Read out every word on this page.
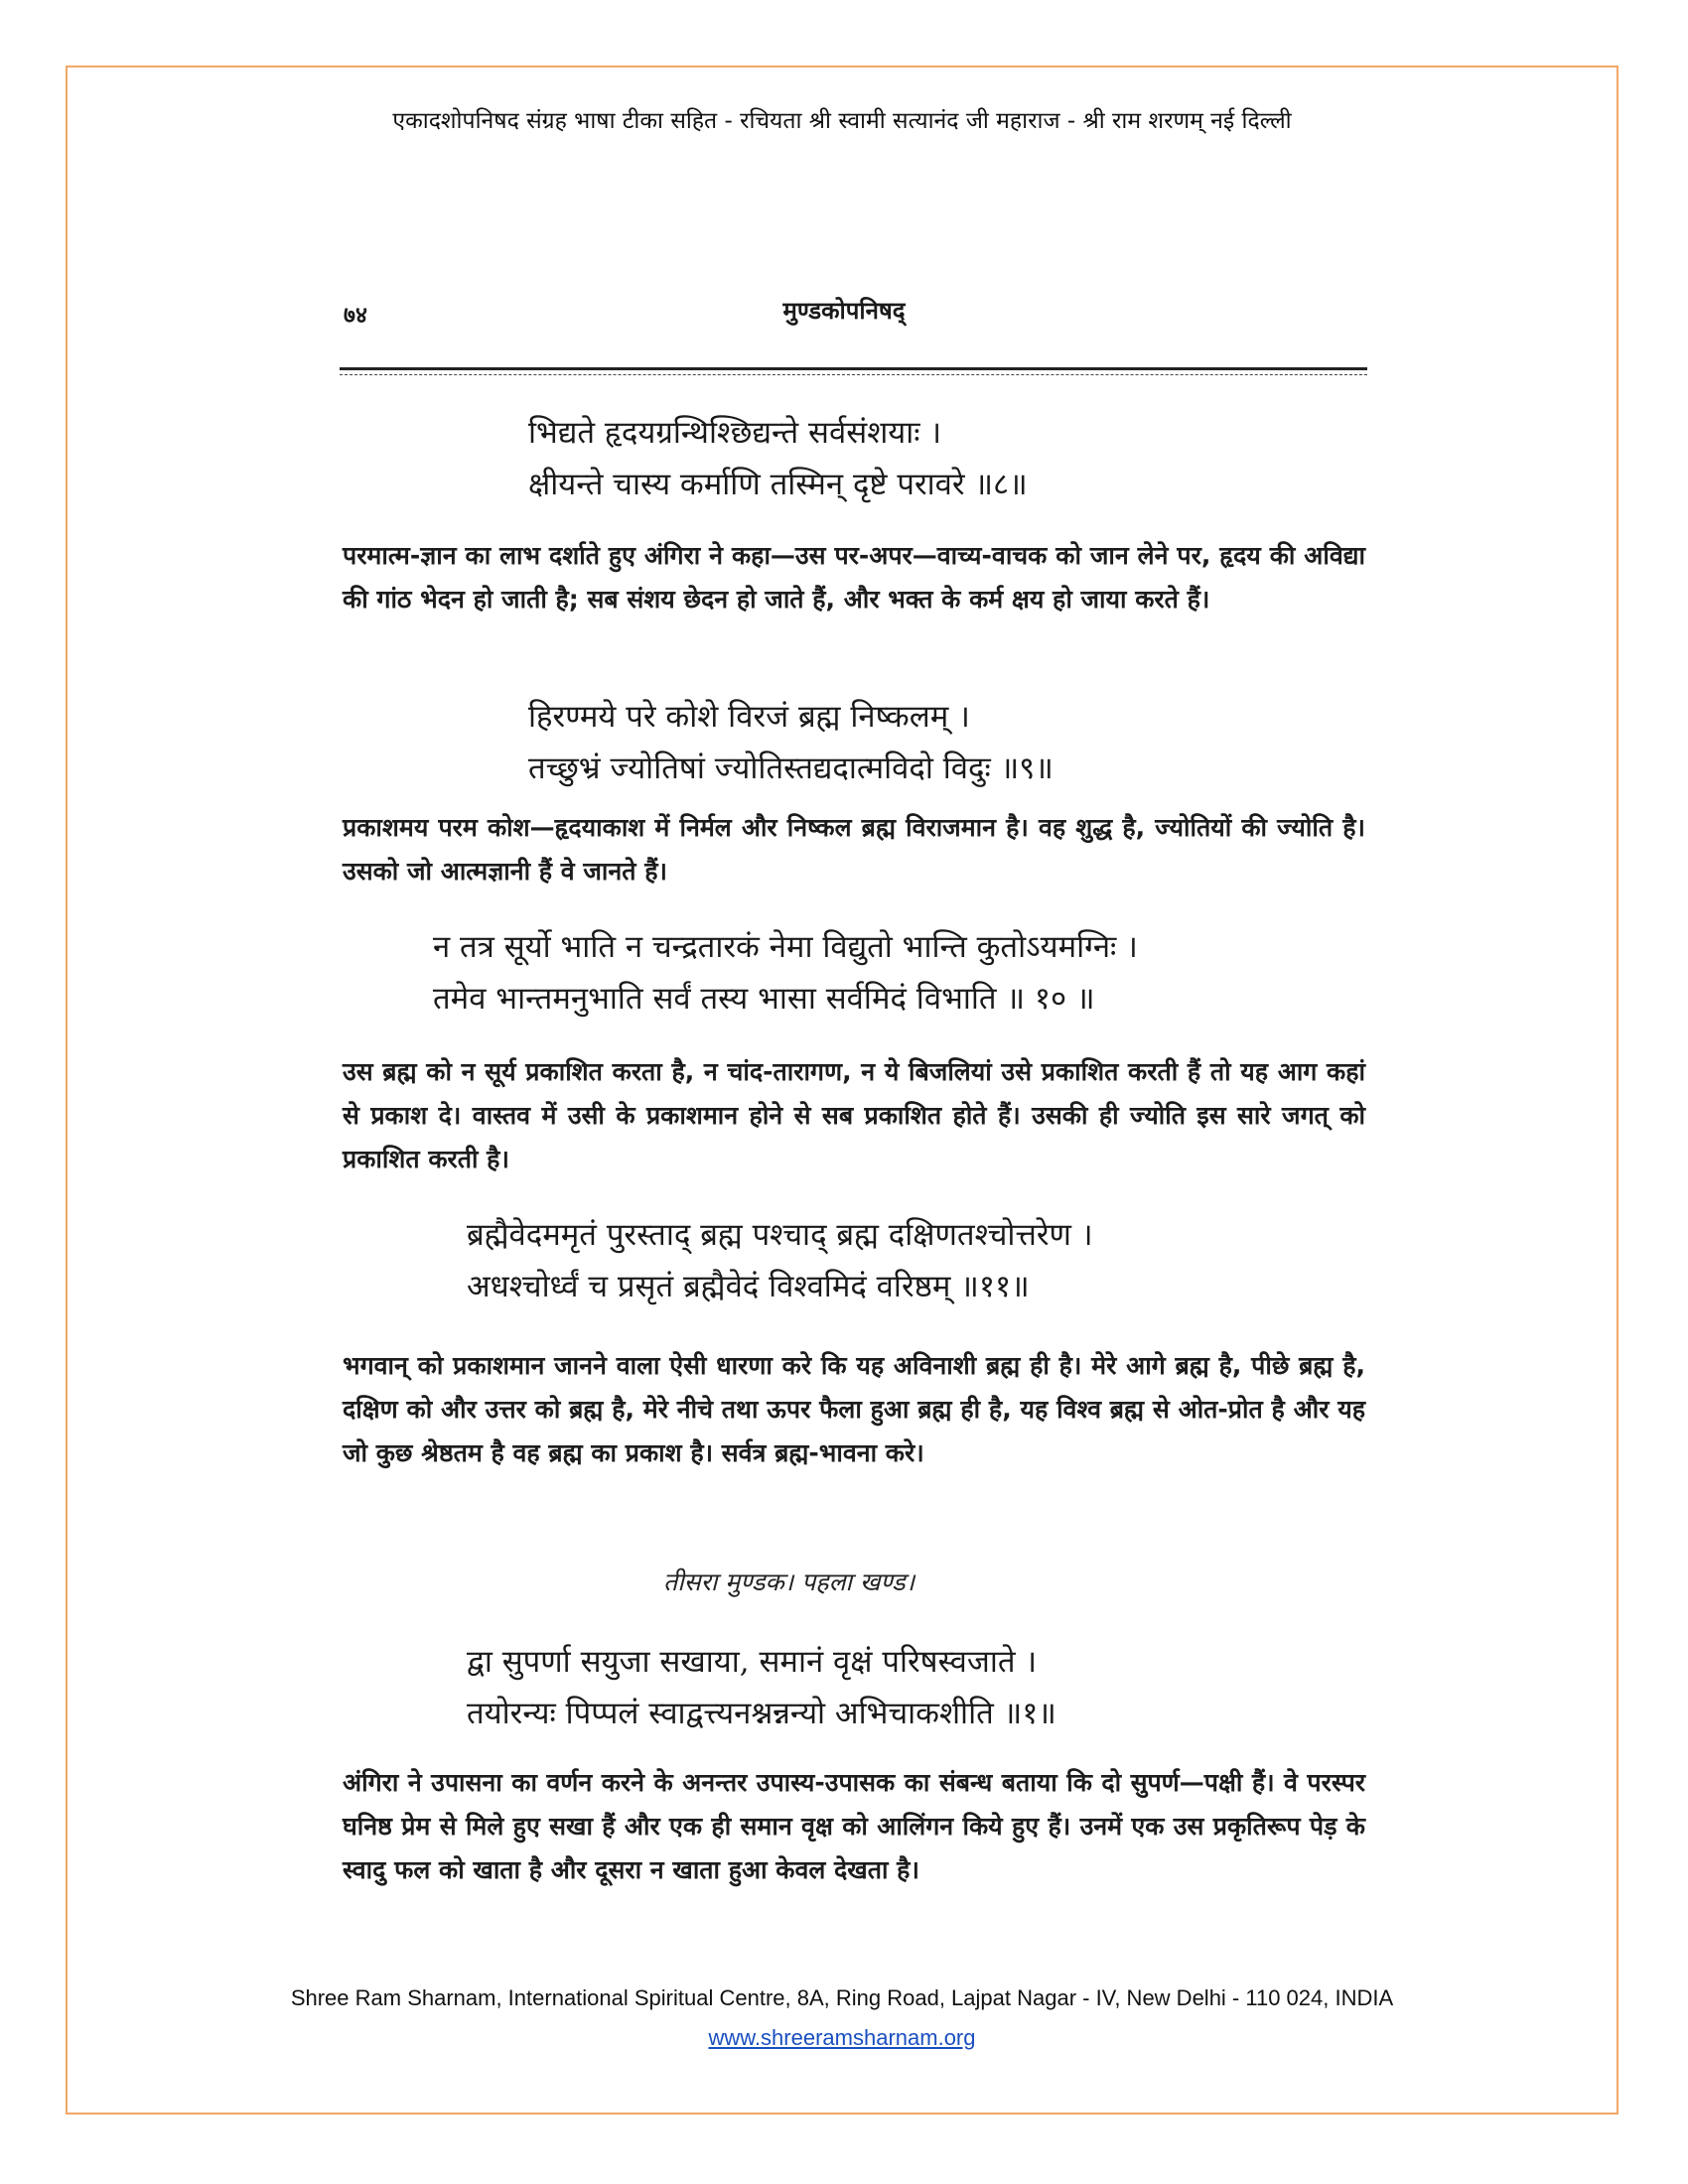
एकादशोपनिषद संग्रह भाषा टीका सहित - रचियता श्री स्वामी सत्यानंद जी महाराज - श्री राम शरणम् नई दिल्ली
७४	मुण्डकोपनिषद्
भिद्यते हृदयग्रन्थिश्छिद्यन्ते सर्वसंशयाः ।
क्षीयन्ते चास्य कर्माणि तस्मिन् दृष्टे परावरे ॥८॥
परमात्म-ज्ञान का लाभ दर्शाते हुए अंगिरा ने कहा—उस पर-अपर—वाच्य-वाचक को जान लेने पर, हृदय की अविद्या की गांठ भेदन हो जाती है; सब संशय छेदन हो जाते हैं, और भक्त के कर्म क्षय हो जाया करते हैं।
हिरण्मये परे कोशे विरजं ब्रह्म निष्कलम् ।
तच्छुभ्रं ज्योतिषां ज्योतिस्तद्यदात्मविदो विदुः ॥९॥
प्रकाशमय परम कोश—हृदयाकाश में निर्मल और निष्कल ब्रह्म विराजमान है। वह शुद्ध है, ज्योतियों की ज्योति है। उसको जो आत्मज्ञानी हैं वे जानते हैं।
न तत्र सूर्यो भाति न चन्द्रतारकं नेमा विद्युतो भान्ति कुतोऽयमग्निः ।
तमेव भान्तमनुभाति सर्वं तस्य भासा सर्वमिदं विभाति ॥ १० ॥
उस ब्रह्म को न सूर्य प्रकाशित करता है, न चांद-तारागण, न ये बिजलियां उसे प्रकाशित करती हैं तो यह आग कहां से प्रकाश दे। वास्तव में उसी के प्रकाशमान होने से सब प्रकाशित होते हैं। उसकी ही ज्योति इस सारे जगत् को प्रकाशित करती है।
ब्रह्मैवेदममृतं पुरस्ताद् ब्रह्म पश्चाद् ब्रह्म दक्षिणतश्चोत्तरेण ।
अधश्चोर्ध्वं च प्रसृतं ब्रह्मैवेदं विश्वमिदं वरिष्ठम् ॥११॥
भगवान् को प्रकाशमान जानने वाला ऐसी धारणा करे कि यह अविनाशी ब्रह्म ही है। मेरे आगे ब्रह्म है, पीछे ब्रह्म है, दक्षिण को और उत्तर को ब्रह्म है, मेरे नीचे तथा ऊपर फैला हुआ ब्रह्म ही है, यह विश्व ब्रह्म से ओत-प्रोत है और यह जो कुछ श्रेष्ठतम है वह ब्रह्म का प्रकाश है। सर्वत्र ब्रह्म-भावना करे।
तीसरा मुण्डक। पहला खण्ड।
द्वा सुपर्णा सयुजा सखाया, समानं वृक्षं परिषस्वजाते ।
तयोरन्यः पिप्पलं स्वाद्वत्त्यनश्नन्नन्यो अभिचाकशीति ॥१॥
अंगिरा ने उपासना का वर्णन करने के अनन्तर उपास्य-उपासक का संबन्ध बताया कि दो सुपर्ण—पक्षी हैं। वे परस्पर घनिष्ठ प्रेम से मिले हुए सखा हैं और एक ही समान वृक्ष को आलिंगन किये हुए हैं। उनमें एक उस प्रकृतिरूप पेड़ के स्वादु फल को खाता है और दूसरा न खाता हुआ केवल देखता है।
Shree Ram Sharnam, International Spiritual Centre, 8A, Ring Road, Lajpat Nagar - IV, New Delhi - 110 024, INDIA
www.shreeramsharnam.org
